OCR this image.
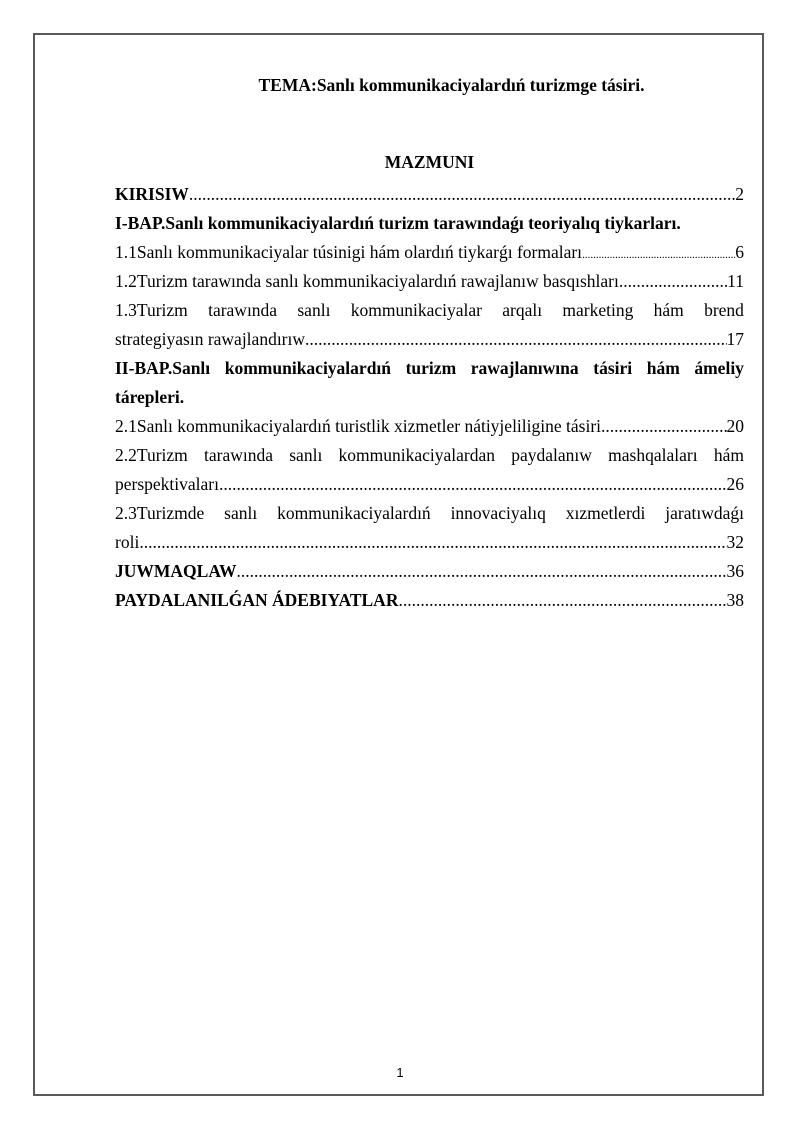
TEMA:Sanlı kommunikaciyalardıń turizmge tásiri.
MAZMUNI
KIRISIW .....	2
I-BAP.Sanlı kommunikaciyalardıń turizm tarawındaǵı teoriyalıq tiykarları.
1.1Sanlı kommunikaciyalar túsinigi hám olardıń tiykarǵı formaları .....	6
1.2Turizm tarawında sanlı kommunikaciyalardıń rawajlanıw basqıshları .....	11
1.3Turizm tarawında sanlı kommunikaciyalar arqalı marketing hám brend
strategiyasın rawajlandırıw .....	17
II-BAP.Sanlı kommunikaciyalardıń turizm rawajlanıwına tásiri hám ámeliy
tárepleri.
2.1Sanlı kommunikaciyalardıń turistlik xizmetler nátiyjeliligine tásiri .....	20
2.2Turizm tarawında sanlı kommunikaciyalardan paydalanıw mashqalaları hám
perspektivaları .....	26
2.3Turizmde sanlı kommunikaciyalardıń innovaciyalıq xızmetlerdi jaratıwdaǵı
roli .....	32
JUWMAQLAW .....	36
PAYDALANILǴAN ÁDEBIYATLAR .....	38
1
